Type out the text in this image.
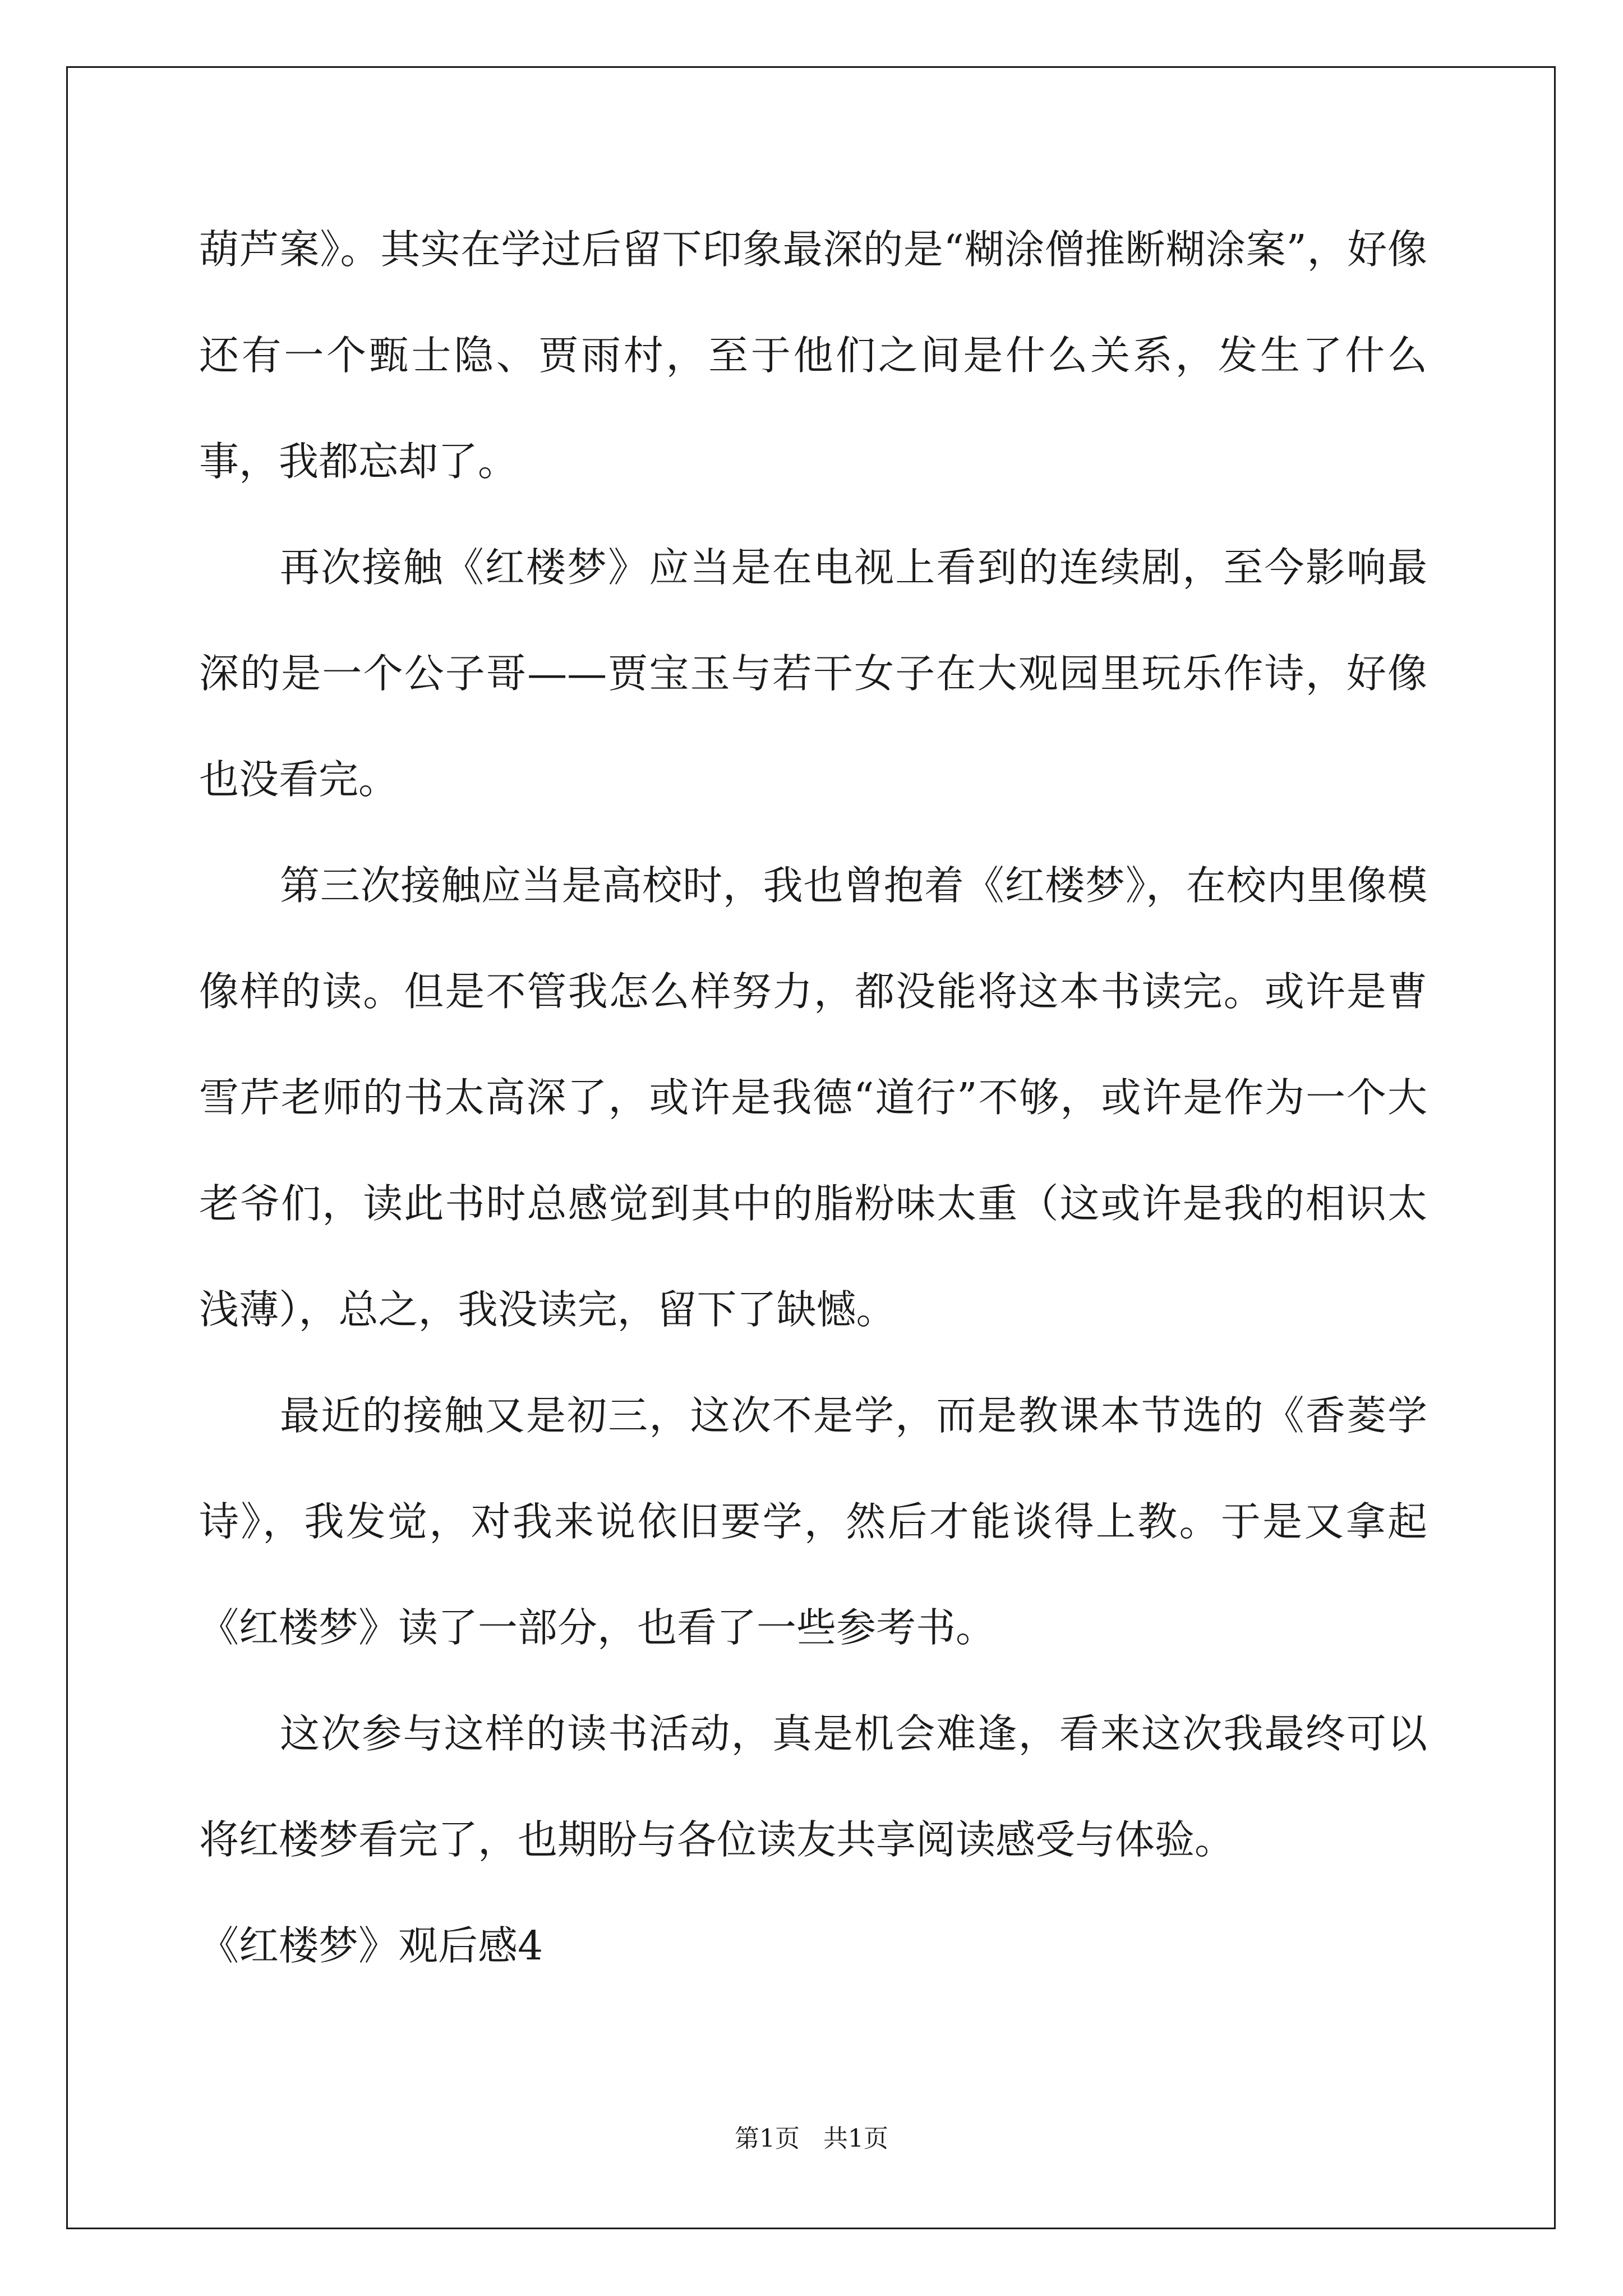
葫芦案》。其实在学过后留下印象最深的是“糊涂僧推断糊涂案”，好像还有一个甄士隐、贾雨村，至于他们之间是什么关系，发生了什么事，我都忘却了。

再次接触《红楼梦》应当是在电视上看到的连续剧，至今影响最深的是一个公子哥——贾宝玉与若干女子在大观园里玩乐作诗，好像也没看完。

第三次接触应当是高校时，我也曾抱着《红楼梦》，在校内里像模像样的读。但是不管我怎么样努力，都没能将这本书读完。或许是曹雪芹老师的书太高深了，或许是我德“道行”不够，或许是作为一个大老爷们，读此书时总感觉到其中的脂粉味太重（这或许是我的相识太浅薄），总之，我没读完，留下了缺憾。

最近的接触又是初三，这次不是学，而是教课本节选的《香菱学诗》，我发觉，对我来说依旧要学，然后才能谈得上教。于是又拿起《红楼梦》读了一部分，也看了一些参考书。

这次参与这样的读书活动，真是机会难逢，看来这次我最终可以将红楼梦看完了，也期盼与各位读友共享阅读感受与体验。

《红楼梦》观后感4

第1页   共1页
